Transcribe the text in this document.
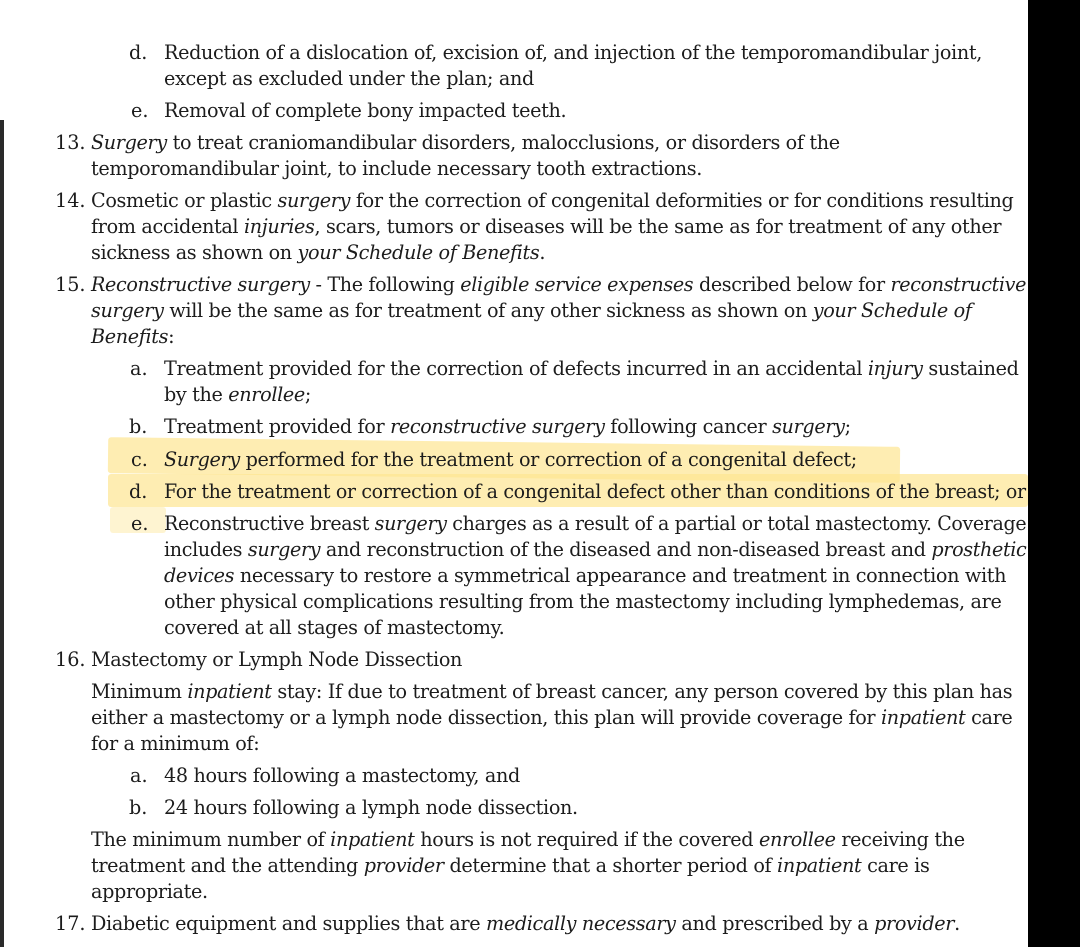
d. Reduction of a dislocation of, excision of, and injection of the temporomandibular joint,
except as excluded under the plan; and
e. Removal of complete bony impacted teeth.
13. Surgery to treat craniomandibular disorders, malocclusions, or disorders of the
temporomandibular joint, to include necessary tooth extractions.
14. Cosmetic or plastic surgery for the correction of congenital deformities or for conditions resulting
from accidental injuries, scars, tumors or diseases will be the same as for treatment of any other
sickness as shown on your Schedule of Benefits.
15. Reconstructive surgery - The following eligible service expenses described below for reconstructive
surgery will be the same as for treatment of any other sickness as shown on your Schedule of
Benefits:
a. Treatment provided for the correction of defects incurred in an accidental injury sustained
by the enrollee;
b. Treatment provided for reconstructive surgery following cancer surgery;
c. Surgery performed for the treatment or correction of a congenital defect;
d. For the treatment or correction of a congenital defect other than conditions of the breast; or
e. Reconstructive breast surgery charges as a result of a partial or total mastectomy. Coverage
includes surgery and reconstruction of the diseased and non-diseased breast and prosthetic
devices necessary to restore a symmetrical appearance and treatment in connection with
other physical complications resulting from the mastectomy including lymphedemas, are
covered at all stages of mastectomy.
16. Mastectomy or Lymph Node Dissection
Minimum inpatient stay: If due to treatment of breast cancer, any person covered by this plan has
either a mastectomy or a lymph node dissection, this plan will provide coverage for inpatient care
for a minimum of:
a. 48 hours following a mastectomy, and
b. 24 hours following a lymph node dissection.
The minimum number of inpatient hours is not required if the covered enrollee receiving the
treatment and the attending provider determine that a shorter period of inpatient care is
appropriate.
17. Diabetic equipment and supplies that are medically necessary and prescribed by a provider.
